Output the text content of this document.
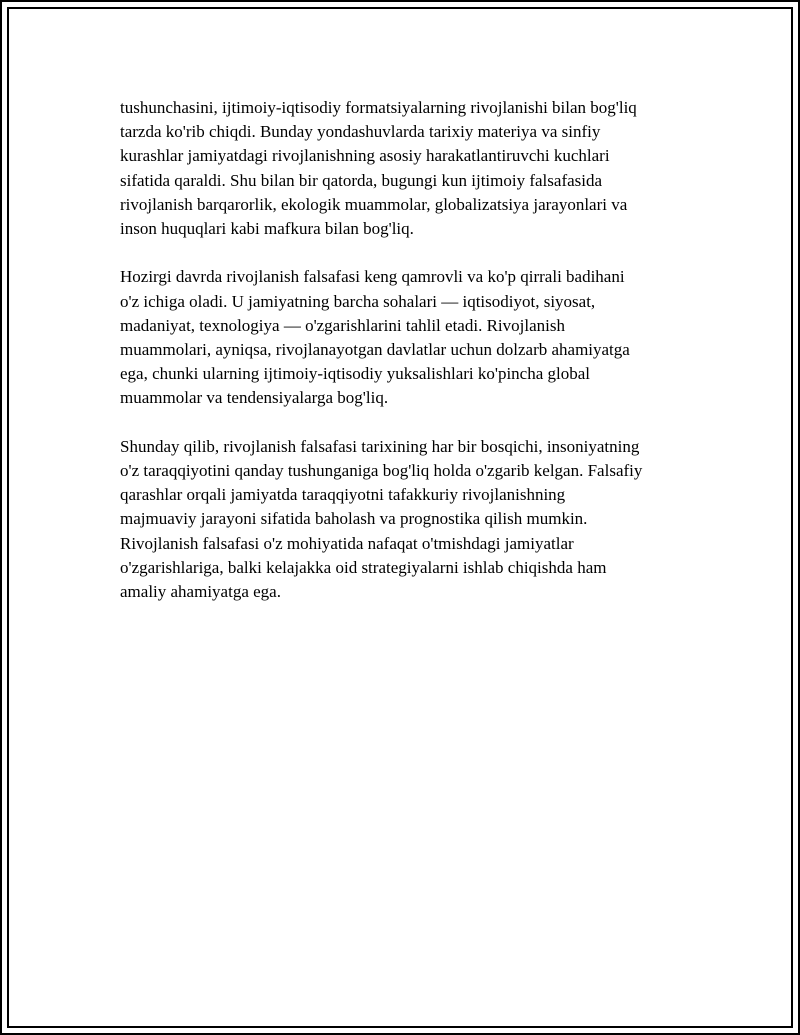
tushunchasini, ijtimoiy-iqtisodiy formatsiyalarning rivojlanishi bilan bog'liq
tarzda ko'rib chiqdi. Bunday yondashuvlarda tarixiy materiya va sinfiy
kurashlar jamiyatdagi rivojlanishning asosiy harakatlantiruvchi kuchlari
sifatida qaraldi. Shu bilan bir qatorda, bugungi kun ijtimoiy falsafasida
rivojlanish barqarorlik, ekologik muammolar, globalizatsiya jarayonlari va
inson huquqlari kabi mafkura bilan bog'liq.

Hozirgi davrda rivojlanish falsafasi keng qamrovli va ko'p qirrali badihani
o'z ichiga oladi. U jamiyatning barcha sohalari — iqtisodiyot, siyosat,
madaniyat, texnologiya — o'zgarishlarini tahlil etadi. Rivojlanish
muammolari, ayniqsa, rivojlanayotgan davlatlar uchun dolzarb ahamiyatga
ega, chunki ularning ijtimoiy-iqtisodiy yuksalishlari ko'pincha global
muammolar va tendensiyalarga bog'liq.

Shunday qilib, rivojlanish falsafasi tarixining har bir bosqichi, insoniyatning
o'z taraqqiyotini qanday tushunganiga bog'liq holda o'zgarib kelgan. Falsafiy
qarashlar orqali jamiyatda taraqqiyotni tafakkuriy rivojlanishning
majmuaviy jarayoni sifatida baholash va prognostika qilish mumkin.
Rivojlanish falsafasi o'z mohiyatida nafaqat o'tmishdagi jamiyatlar
o'zgarishlariga, balki kelajakka oid strategiyalarni ishlab chiqishda ham
amaliy ahamiyatga ega.
